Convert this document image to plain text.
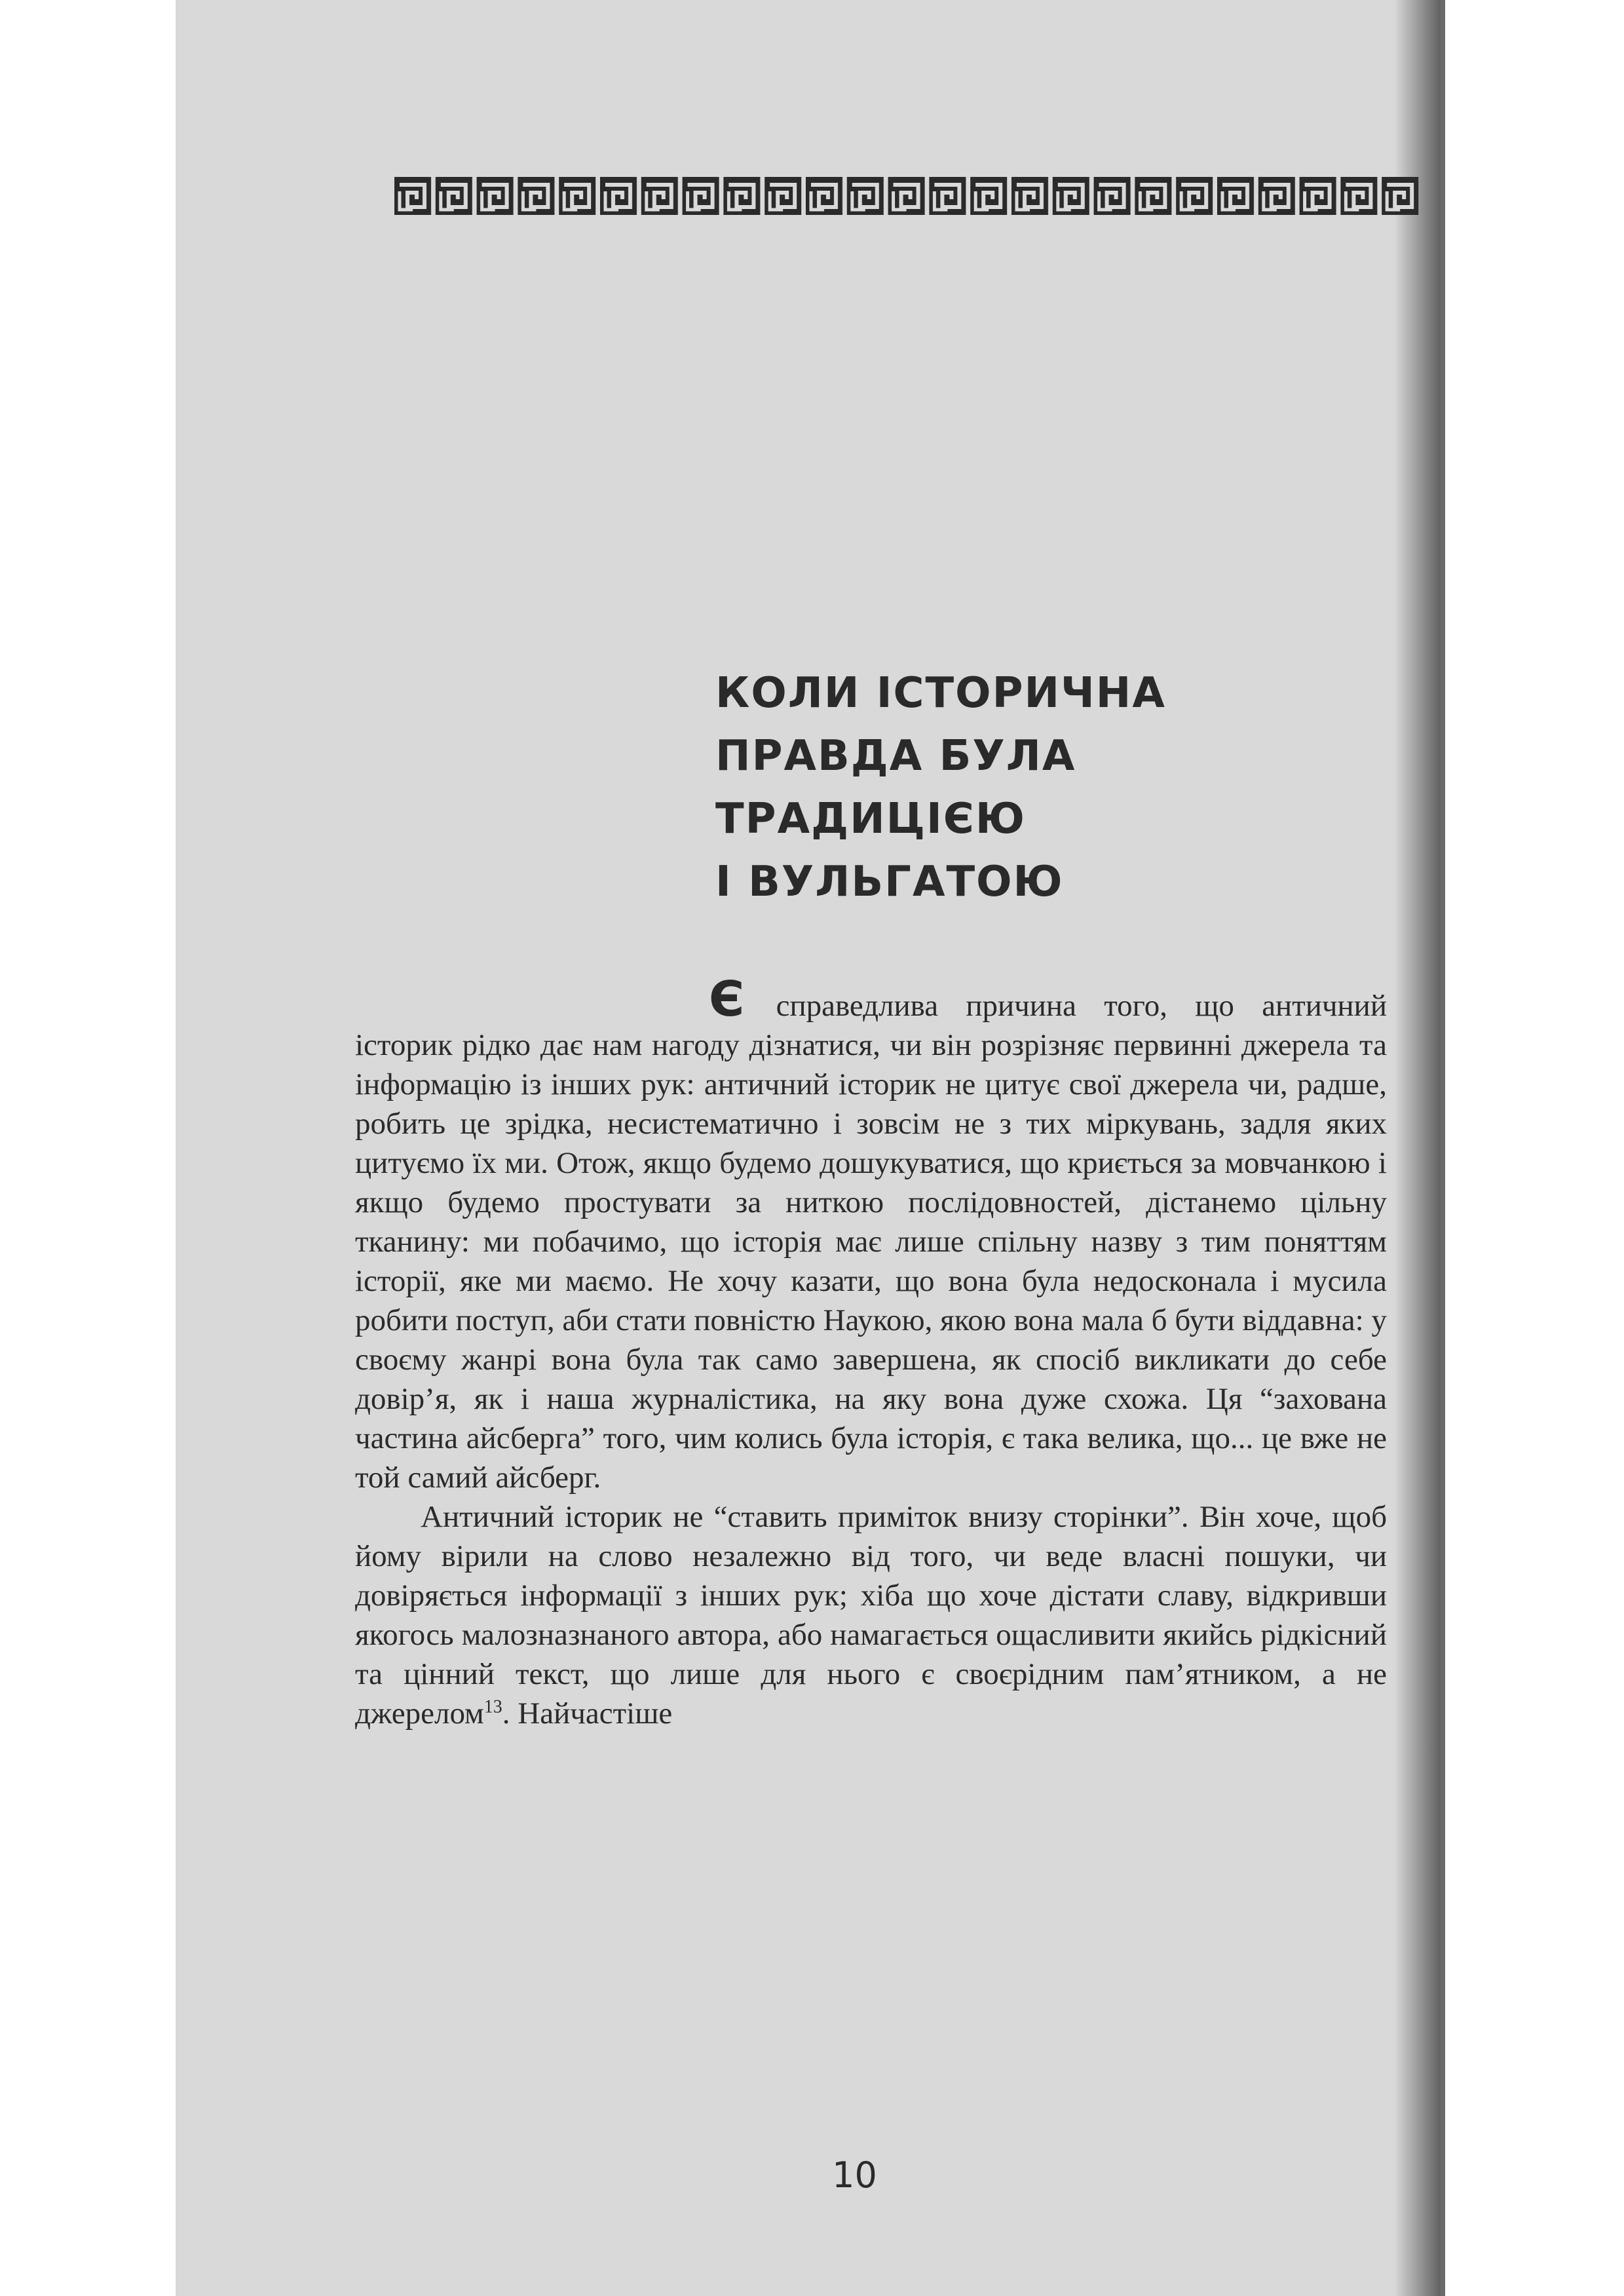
КОЛИ ІСТОРИЧНА
ПРАВДА БУЛА
ТРАДИЦІЄЮ
І ВУЛЬГАТОЮ

Є справедлива причина того, що античний історик рідко дає нам нагоду дізнатися, чи він розрізняє первинні джерела та інформацію із інших рук: античний історик не цитує свої джерела чи, радше, робить це зрідка, несистематично і зовсім не з тих міркувань, задля яких цитуємо їх ми. Отож, якщо будемо дошукуватися, що криється за мовчанкою і якщо будемо простувати за ниткою послідовностей, дістанемо цільну тканину: ми побачимо, що історія має лише спільну назву з тим поняттям історії, яке ми маємо. Не хочу казати, що вона була недосконала і мусила робити поступ, аби стати повністю Наукою, якою вона мала б бути віддавна: у своєму жанрі вона була так само завершена, як спосіб викликати до себе довір’я, як і наша журналістика, на яку вона дуже схожа. Ця “захована частина айсберга” того, чим колись була історія, є така велика, що... це вже не той самий айсберг.

Античний історик не “ставить приміток внизу сторінки”. Він хоче, щоб йому вірили на слово незалежно від того, чи веде власні пошуки, чи довіряється інформації з інших рук; хіба що хоче дістати славу, відкривши якогось малозназнаного автора, або намагається ощасливити якийсь рідкісний та цінний текст, що лише для нього є своєрідним пам’ятником, а не джерелом$^{13}$. Найчастіше

10
